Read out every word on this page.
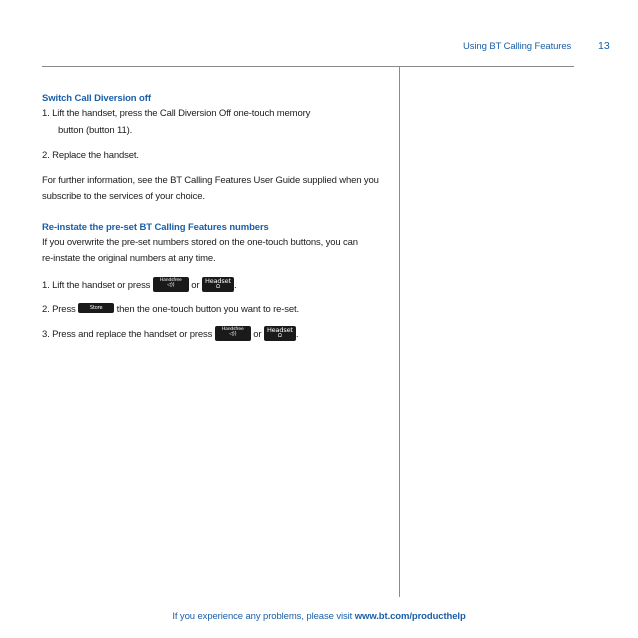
Using BT Calling Features	13
Switch Call Diversion off
1. Lift the handset, press the Call Diversion Off one-touch memory
button (button 11).
2. Replace the handset.
For further information, see the BT Calling Features User Guide supplied when you
subscribe to the services of your choice.
Re-instate the pre-set BT Calling Features numbers
If you overwrite the pre-set numbers stored on the one-touch buttons, you can
re-instate the original numbers at any time.
1. Lift the handset or press Handsfree
◁))	or Headset
Ω	.
2. Press	Store then the one-touch button you want to re-set.
3. Press and replace the handset or press Handsfree
◁))	or Headset
Ω	.
If you experience any problems, please visit www.bt.com/producthelp
